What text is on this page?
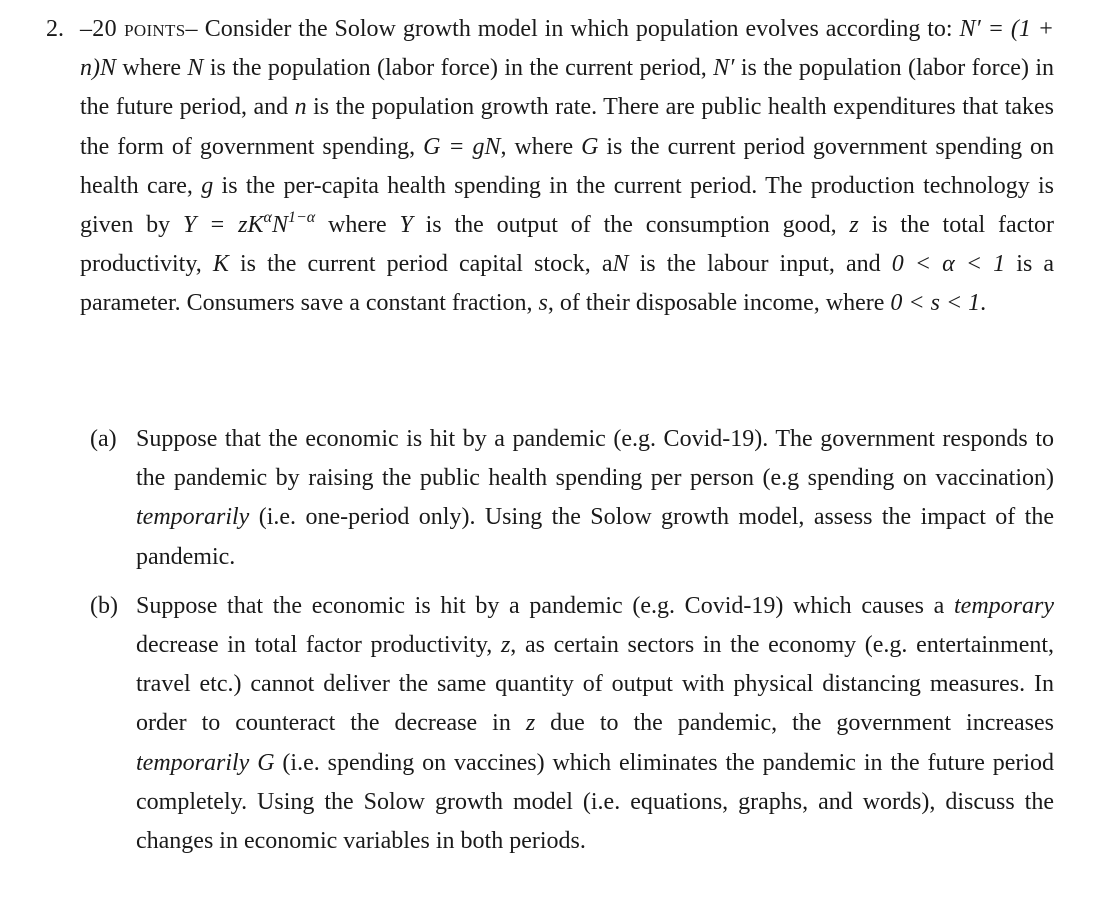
2. –20 points– Consider the Solow growth model in which population evolves according to: N′ = (1 + n)N where N is the population (labor force) in the current period, N′ is the population (labor force) in the future period, and n is the population growth rate. There are public health expenditures that takes the form of government spending, G = gN, where G is the current period government spending on health care, g is the per-capita health spending in the current period. The production technology is given by $Y = zK^\alpha N^{1-\alpha}$ where Y is the output of the consumption good, z is the total factor productivity, K is the current period capital stock, aN is the labour input, and 0 < α < 1 is a parameter. Consumers save a constant fraction, s, of their disposable income, where 0 < s < 1.
(a) Suppose that the economic is hit by a pandemic (e.g. Covid-19). The government responds to the pandemic by raising the public health spending per person (e.g spending on vaccination) temporarily (i.e. one-period only). Using the Solow growth model, assess the impact of the pandemic.
(b) Suppose that the economic is hit by a pandemic (e.g. Covid-19) which causes a temporary decrease in total factor productivity, z, as certain sectors in the economy (e.g. entertainment, travel etc.) cannot deliver the same quantity of output with physical distancing measures. In order to counteract the decrease in z due to the pandemic, the government increases temporarily G (i.e. spending on vaccines) which eliminates the pandemic in the future period completely. Using the Solow growth model (i.e. equations, graphs, and words), discuss the changes in economic variables in both periods.
